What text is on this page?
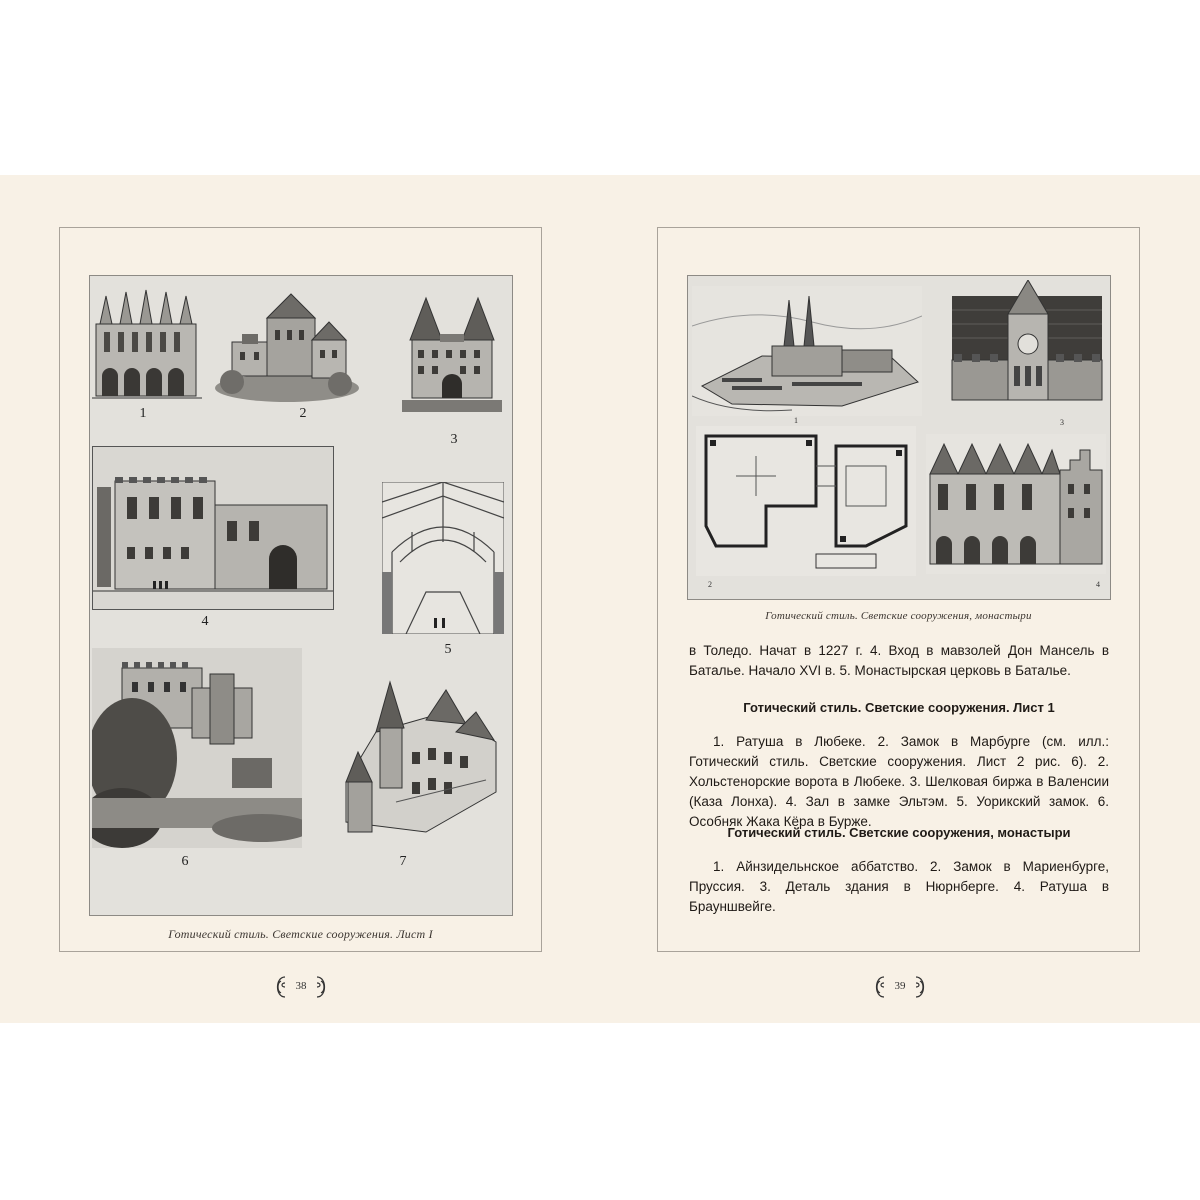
1	2
3
4
5
6	7
Готический стиль. Светские сооружения. Лист I
38
1
2
3
4
Готический стиль. Светские сооружения, монастыри
в Толедо. Начат в 1227 г. 4. Вход в мавзолей Дон Мансель в Баталье. Начало XVI в. 5. Монастырская церковь в Баталье.
Готический стиль. Светские сооружения. Лист 1
1. Ратуша в Любеке. 2. Замок в Марбурге (см. илл.: Готический стиль. Светские сооружения. Лист 2 рис. 6). 2. Хольстенорские ворота в Любеке. 3. Шелковая биржа в Валенсии (Каза Лонха). 4. Зал в замке Эльтэм. 5. Уорикский замок. 6. Особняк Жака Кёра в Бурже.
Готический стиль. Светские сооружения, монастыри
1. Айнзидельнское аббатство. 2. Замок в Мариенбурге, Пруссия. 3. Деталь здания в Нюрнберге. 4. Ратуша в Брауншвейге.
39
